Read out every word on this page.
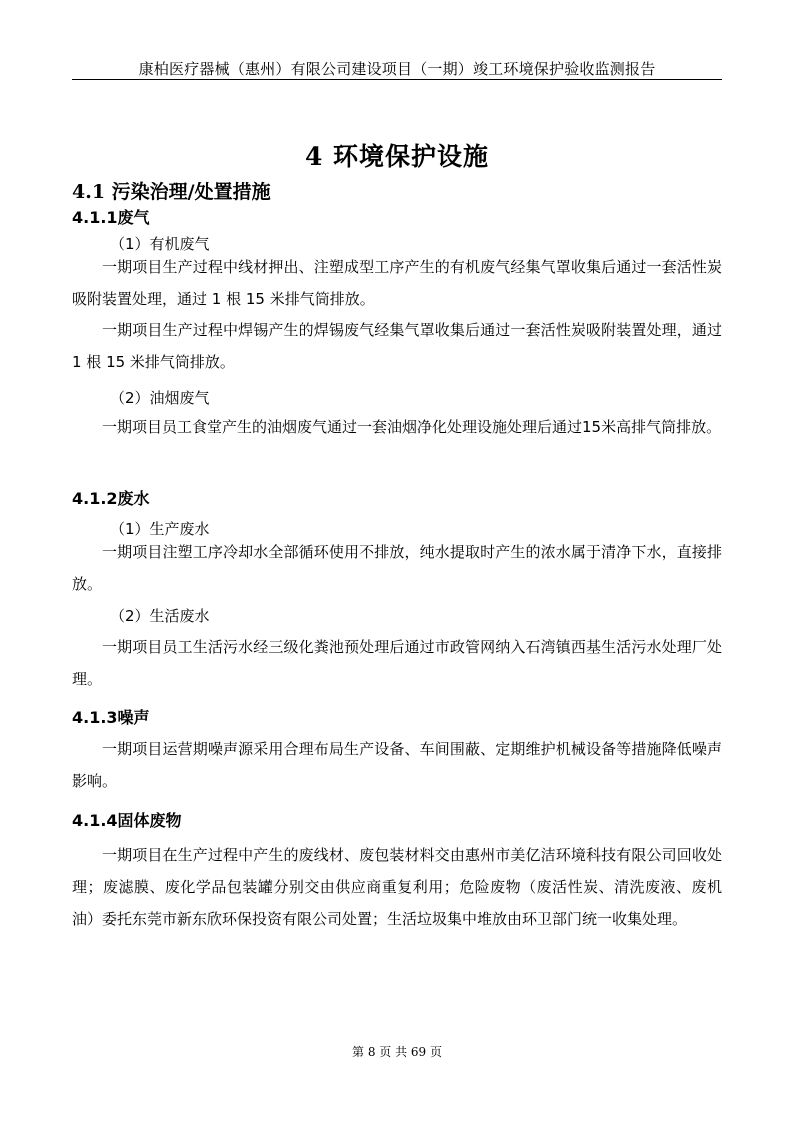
康柏医疗器械（惠州）有限公司建设项目（一期）竣工环境保护验收监测报告
4 环境保护设施
4.1 污染治理/处置措施
4.1.1废气
（1）有机废气
一期项目生产过程中线材押出、注塑成型工序产生的有机废气经集气罩收集后通过一套活性炭吸附装置处理，通过 1 根 15 米排气筒排放。
一期项目生产过程中焊锡产生的焊锡废气经集气罩收集后通过一套活性炭吸附装置处理，通过 1 根 15 米排气筒排放。
（2）油烟废气
一期项目员工食堂产生的油烟废气通过一套油烟净化处理设施处理后通过15米高排气筒排放。
4.1.2废水
（1）生产废水
一期项目注塑工序冷却水全部循环使用不排放，纯水提取时产生的浓水属于清净下水，直接排放。
（2）生活废水
一期项目员工生活污水经三级化粪池预处理后通过市政管网纳入石湾镇西基生活污水处理厂处理。
4.1.3噪声
一期项目运营期噪声源采用合理布局生产设备、车间围蔽、定期维护机械设备等措施降低噪声影响。
4.1.4固体废物
一期项目在生产过程中产生的废线材、废包装材料交由惠州市美亿洁环境科技有限公司回收处理；废滤膜、废化学品包装罐分别交由供应商重复利用；危险废物（废活性炭、清洗废液、废机油）委托东莞市新东欣环保投资有限公司处置；生活垃圾集中堆放由环卫部门统一收集处理。
第 8 页 共 69 页
